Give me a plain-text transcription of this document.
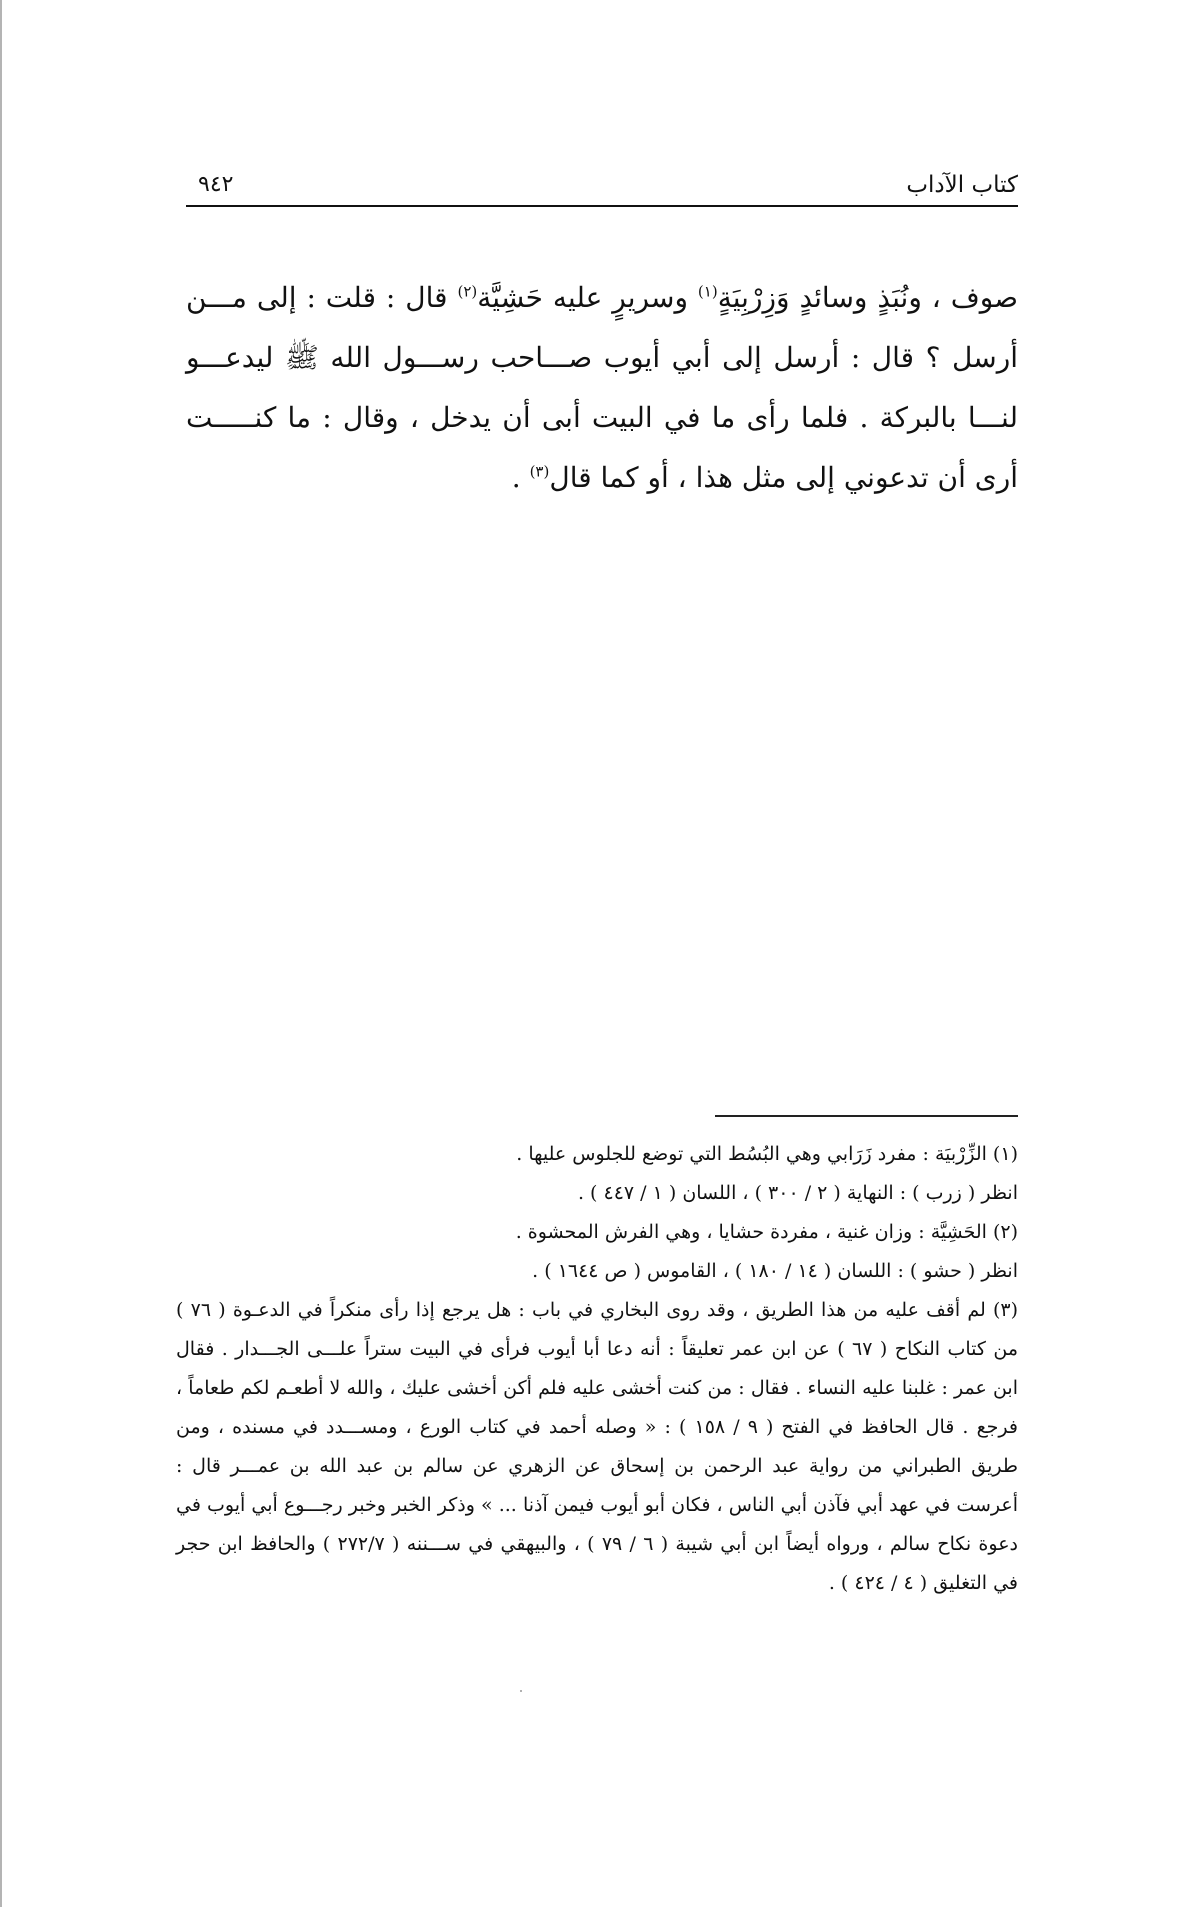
كتاب الآداب
٩٤٢

صوف ، ونُبَذٍ وسائدٍ وَزِرْبِيَةٍ$^{(١)}$ وسريرٍ عليه حَشِيَّة$^{(٢)}$ قال : قلت : إلى مـــن أرسل ؟ قال : أرسل إلى أبي أيوب صـــاحب رســـول الله ﷺ ليدعـــو لنـــا بالبركة . فلما رأى ما في البيت أبى أن يدخل ، وقال : ما كنـــــت أرى أن تدعوني إلى مثل هذا ، أو كما قال$^{(٣)}$ .

(١) الزِّرْبيَة : مفرد زَرَابي وهي البُسُط التي توضع للجلوس عليها .

انظر ( زرب ) : النهاية ( ٢ / ٣٠٠ ) ، اللسان ( ١ / ٤٤٧ ) .

(٢) الحَشِيَّة : وزان غنية ، مفردة حشايا ، وهي الفرش المحشوة .

انظر ( حشو ) : اللسان ( ١٤ / ١٨٠ ) ، القاموس ( ص ١٦٤٤ ) .

(٣) لم أقف عليه من هذا الطريق ، وقد روى البخاري في باب : هل يرجع إذا رأى منكراً في الدعـوة ( ٧٦ ) من كتاب النكاح ( ٦٧ ) عن ابن عمر تعليقاً : أنه دعا أبا أيوب فرأى في البيت ستراً علـــى الجـــدار . فقال ابن عمر : غلبنا عليه النساء . فقال : من كنت أخشى عليه فلم أكن أخشى عليك ، والله لا أطعـم لكم طعاماً ، فرجع . قال الحافظ في الفتح ( ٩ / ١٥٨ ) : « وصله أحمد في كتاب الورع ، ومســـدد في مسنده ، ومن طريق الطبراني من رواية عبد الرحمن بن إسحاق عن الزهري عن سالم بن عبد الله بن عمـــر قال : أعرست في عهد أبي فآذن أبي الناس ، فكان أبو أيوب فيمن آذنا ... » وذكر الخبر وخبر رجـــوع أبي أيوب في دعوة نكاح سالم ، ورواه أيضاً ابن أبي شيبة ( ٦ / ٧٩ ) ، والبيهقي في ســـننه ( ٢٧٢/٧ ) والحافظ ابن حجر في التغليق ( ٤ / ٤٢٤ ) .
